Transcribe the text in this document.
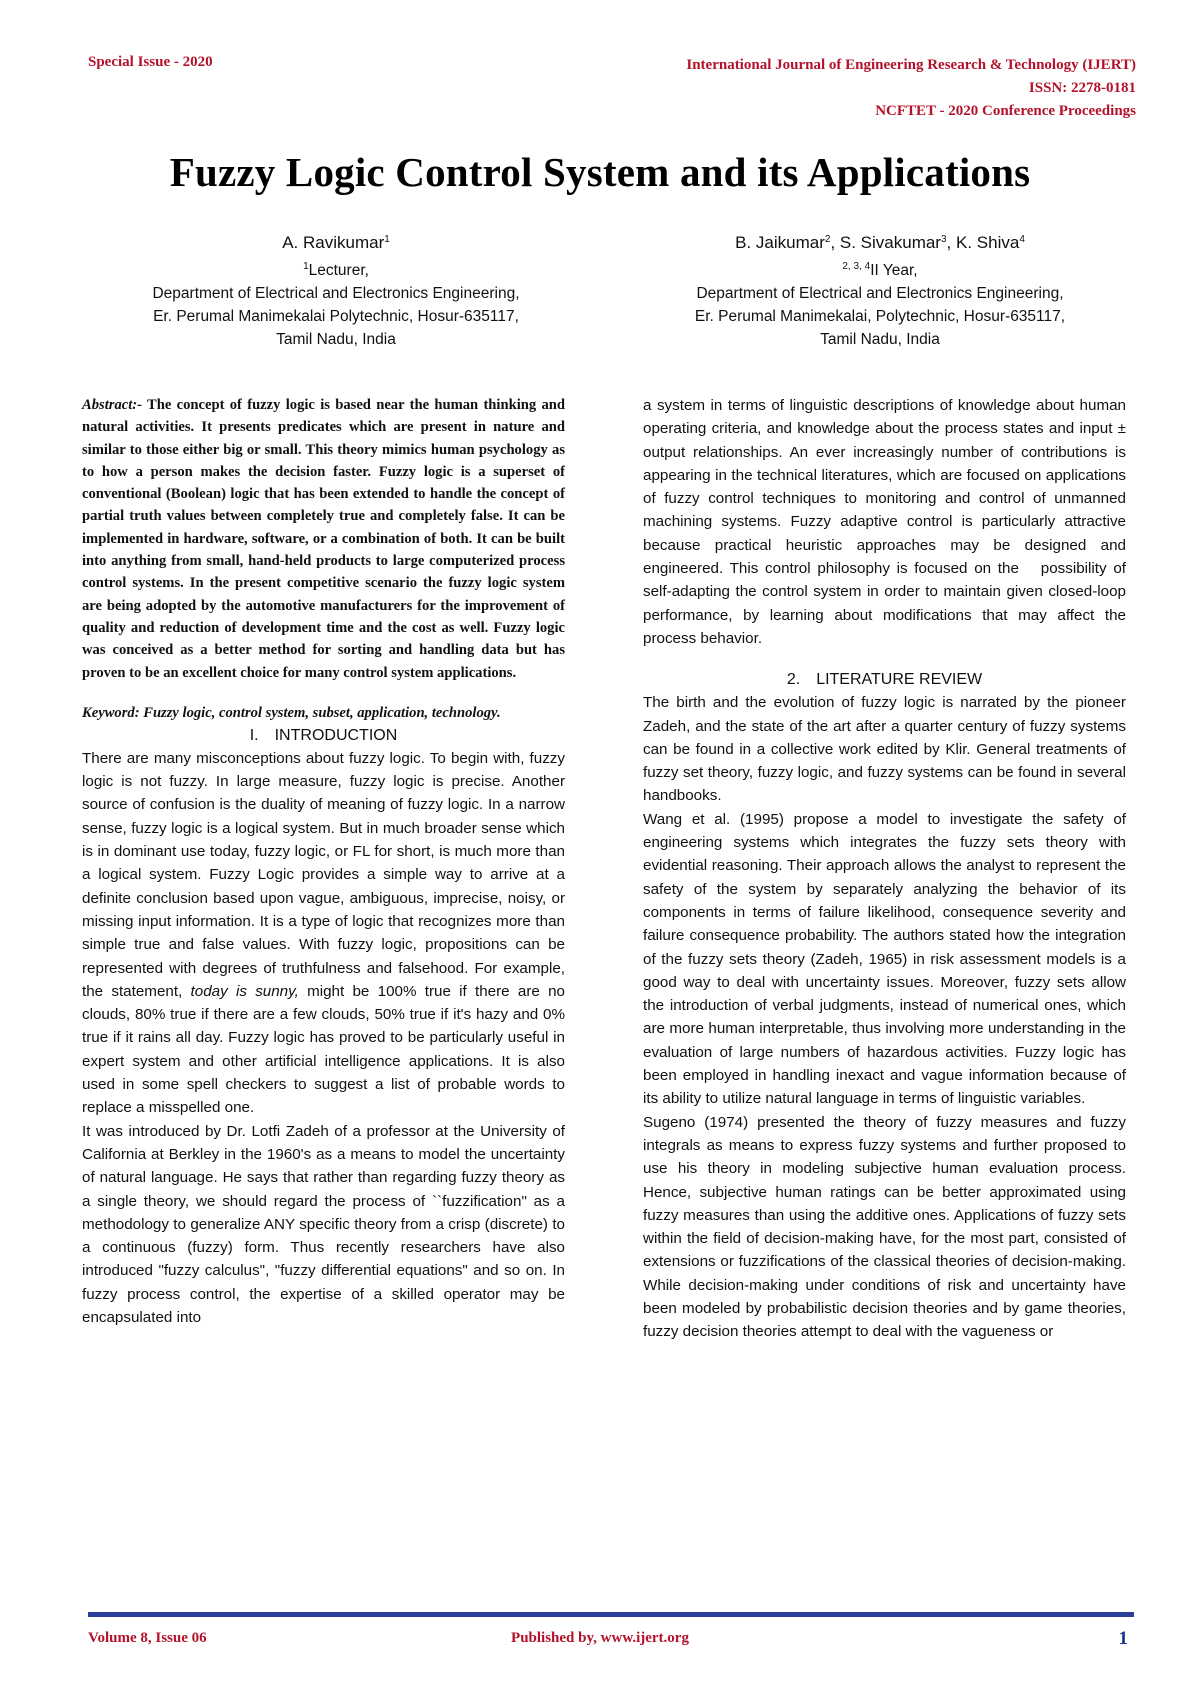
Special Issue - 2020	International Journal of Engineering Research & Technology (IJERT)
ISSN: 2278-0181
NCFTET - 2020 Conference Proceedings
Fuzzy Logic Control System and its Applications
A. Ravikumar$^1$
$^1$Lecturer,
Department of Electrical and Electronics Engineering,
Er. Perumal Manimekalai Polytechnic, Hosur-635117,
Tamil Nadu, India
B. Jaikumar$^2$, S. Sivakumar$^3$, K. Shiva$^4$
$^{2, 3, 4}$II Year,
Department of Electrical and Electronics Engineering,
Er. Perumal Manimekalai, Polytechnic, Hosur-635117,
Tamil Nadu, India

Abstract:- The concept of fuzzy logic is based near the human thinking and natural activities. It presents predicates which are present in nature and similar to those either big or small. This theory mimics human psychology as to how a person makes the decision faster. Fuzzy logic is a superset of conventional (Boolean) logic that has been extended to handle the concept of partial truth values between completely true and completely false. It can be implemented in hardware, software, or a combination of both. It can be built into anything from small, hand-held products to large computerized process control systems. In the present competitive scenario the fuzzy logic system are being adopted by the automotive manufacturers for the improvement of quality and reduction of development time and the cost as well. Fuzzy logic was conceived as a better method for sorting and handling data but has proven to be an excellent choice for many control system applications.

Keyword: Fuzzy logic, control system, subset, application, technology.

I. INTRODUCTION

There are many misconceptions about fuzzy logic. To begin with, fuzzy logic is not fuzzy. In large measure, fuzzy logic is precise. Another source of confusion is the duality of meaning of fuzzy logic. In a narrow sense, fuzzy logic is a logical system. But in much broader sense which is in dominant use today, fuzzy logic, or FL for short, is much more than a logical system. Fuzzy Logic provides a simple way to arrive at a definite conclusion based upon vague, ambiguous, imprecise, noisy, or missing input information. It is a type of logic that recognizes more than simple true and false values. With fuzzy logic, propositions can be represented with degrees of truthfulness and falsehood. For example, the statement, today is sunny, might be 100% true if there are no clouds, 80% true if there are a few clouds, 50% true if it's hazy and 0% true if it rains all day. Fuzzy logic has proved to be particularly useful in expert system and other artificial intelligence applications. It is also used in some spell checkers to suggest a list of probable words to replace a misspelled one.

It was introduced by Dr. Lotfi Zadeh of a professor at the University of California at Berkley in the 1960's as a means to model the uncertainty of natural language. He says that rather than regarding fuzzy theory as a single theory, we should regard the process of ``fuzzification" as a methodology to generalize ANY specific theory from a crisp (discrete) to a continuous (fuzzy) form. Thus recently researchers have also introduced "fuzzy calculus", "fuzzy differential equations" and so on. In fuzzy process control, the expertise of a skilled operator may be encapsulated into

a system in terms of linguistic descriptions of knowledge about human operating criteria, and knowledge about the process states and input ± output relationships. An ever increasingly number of contributions is appearing in the technical literatures, which are focused on applications of fuzzy control techniques to monitoring and control of unmanned machining systems. Fuzzy adaptive control is particularly attractive because practical heuristic approaches may be designed and engineered. This control philosophy is focused on the  possibility of self-adapting the control system in order to maintain given closed-loop performance, by learning about modifications that may affect the process behavior.

2. LITERATURE REVIEW

The birth and the evolution of fuzzy logic is narrated by the pioneer Zadeh, and the state of the art after a quarter century of fuzzy systems can be found in a collective work edited by Klir. General treatments of fuzzy set theory, fuzzy logic, and fuzzy systems can be found in several handbooks.

Wang et al. (1995) propose a model to investigate the safety of engineering systems which integrates the fuzzy sets theory with evidential reasoning. Their approach allows the analyst to represent the safety of the system by separately analyzing the behavior of its components in terms of failure likelihood, consequence severity and failure consequence probability. The authors stated how the integration of the fuzzy sets theory (Zadeh, 1965) in risk assessment models is a good way to deal with uncertainty issues. Moreover, fuzzy sets allow the introduction of verbal judgments, instead of numerical ones, which are more human interpretable, thus involving more understanding in the evaluation of large numbers of hazardous activities. Fuzzy logic has been employed in handling inexact and vague information because of its ability to utilize natural language in terms of linguistic variables.

Sugeno (1974) presented the theory of fuzzy measures and fuzzy integrals as means to express fuzzy systems and further proposed to use his theory in modeling subjective human evaluation process. Hence, subjective human ratings can be better approximated using fuzzy measures than using the additive ones. Applications of fuzzy sets within the field of decision-making have, for the most part, consisted of extensions or fuzzifications of the classical theories of decision-making. While decision-making under conditions of risk and uncertainty have been modeled by probabilistic decision theories and by game theories, fuzzy decision theories attempt to deal with the vagueness or

Volume 8, Issue 06	Published by, www.ijert.org	1
